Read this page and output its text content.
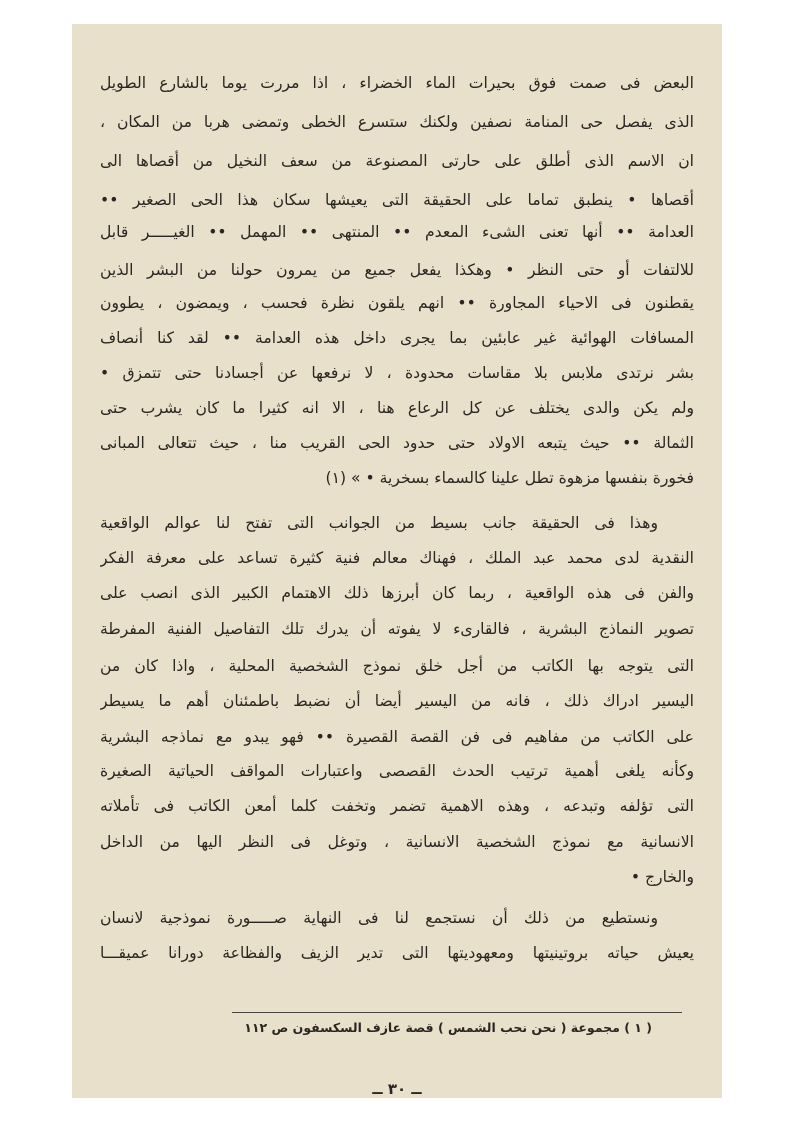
البعض فى صمت فوق بحيرات الماء الخضراء ، اذا مررت يوما بالشارع الطويل
الذى يفصل حى المنامة نصفين ولكنك ستسرع الخطى وتمضى هربا من المكان ،
ان الاسم الذى أطلق على حارتى المصنوعة من سعف النخيل من أقصاها الى
أقصاها • ينطبق تماما على الحقيقة التى يعيشها سكان هذا الحى الصغير ••
العدامة •• أنها تعنى الشىء المعدم •• المنتهى •• المهمل •• الغيـــــر قابل
للالتفات أو حتى النظر • وهكذا يفعل جميع من يمرون حولنا من البشر الذين
يقطنون فى الاحياء المجاورة •• انهم يلقون نظرة فحسب ، ويمضون ، يطوون
المسافات الهوائية غير عابئين بما يجرى داخل هذه العدامة •• لقد كنا أنصاف
بشر نرتدى ملابس بلا مقاسات محدودة ، لا نرفعها عن أجسادنا حتى تتمزق •
ولم يكن والدى يختلف عن كل الرعاع هنا ، الا انه كثيرا ما كان يشرب حتى
الثمالة •• حيث يتبعه الاولاد حتى حدود الحى القريب منا ، حيث تتعالى المبانى
فخورة بنفسها مزهوة تطل علينا كالسماء بسخرية • » (١)
وهذا فى الحقيقة جانب بسيط من الجوانب التى تفتح لنا عوالم الواقعية
النقدية لدى محمد عبد الملك ، فهناك معالم فنية كثيرة تساعد على معرفة الفكر
والفن فى هذه الواقعية ، ربما كان أبرزها ذلك الاهتمام الكبير الذى انصب على
تصوير النماذج البشرية ، فالقارىء لا يفوته أن يدرك تلك التفاصيل الفنية المفرطة
التى يتوجه بها الكاتب من أجل خلق نموذج الشخصية المحلية ، واذا كان من
اليسير ادراك ذلك ، فانه من اليسير أيضا أن نضبط باطمئنان أهم ما يسيطر
على الكاتب من مفاهيم فى فن القصة القصيرة •• فهو يبدو مع نماذجه البشرية
وكأنه يلغى أهمية ترتيب الحدث القصصى واعتبارات المواقف الحياتية الصغيرة
التى تؤلفه وتبدعه ، وهذه الاهمية تضمر وتخفت كلما أمعن الكاتب فى تأملاته
الانسانية مع نموذج الشخصية الانسانية ، وتوغل فى النظر اليها من الداخل
والخارج •
ونستطيع من ذلك أن نستجمع لنا فى النهاية صـــــورة نموذجية لانسان
يعيش حياته بروتينيتها ومعهوديتها التى تدير الزيف والفظاعة دورانا عميقـــا
( ١ ) مجموعة ( نحن نحب الشمس ) قصة عازف السكسفون ص ١١٢
ــ ٣٠ ــ
